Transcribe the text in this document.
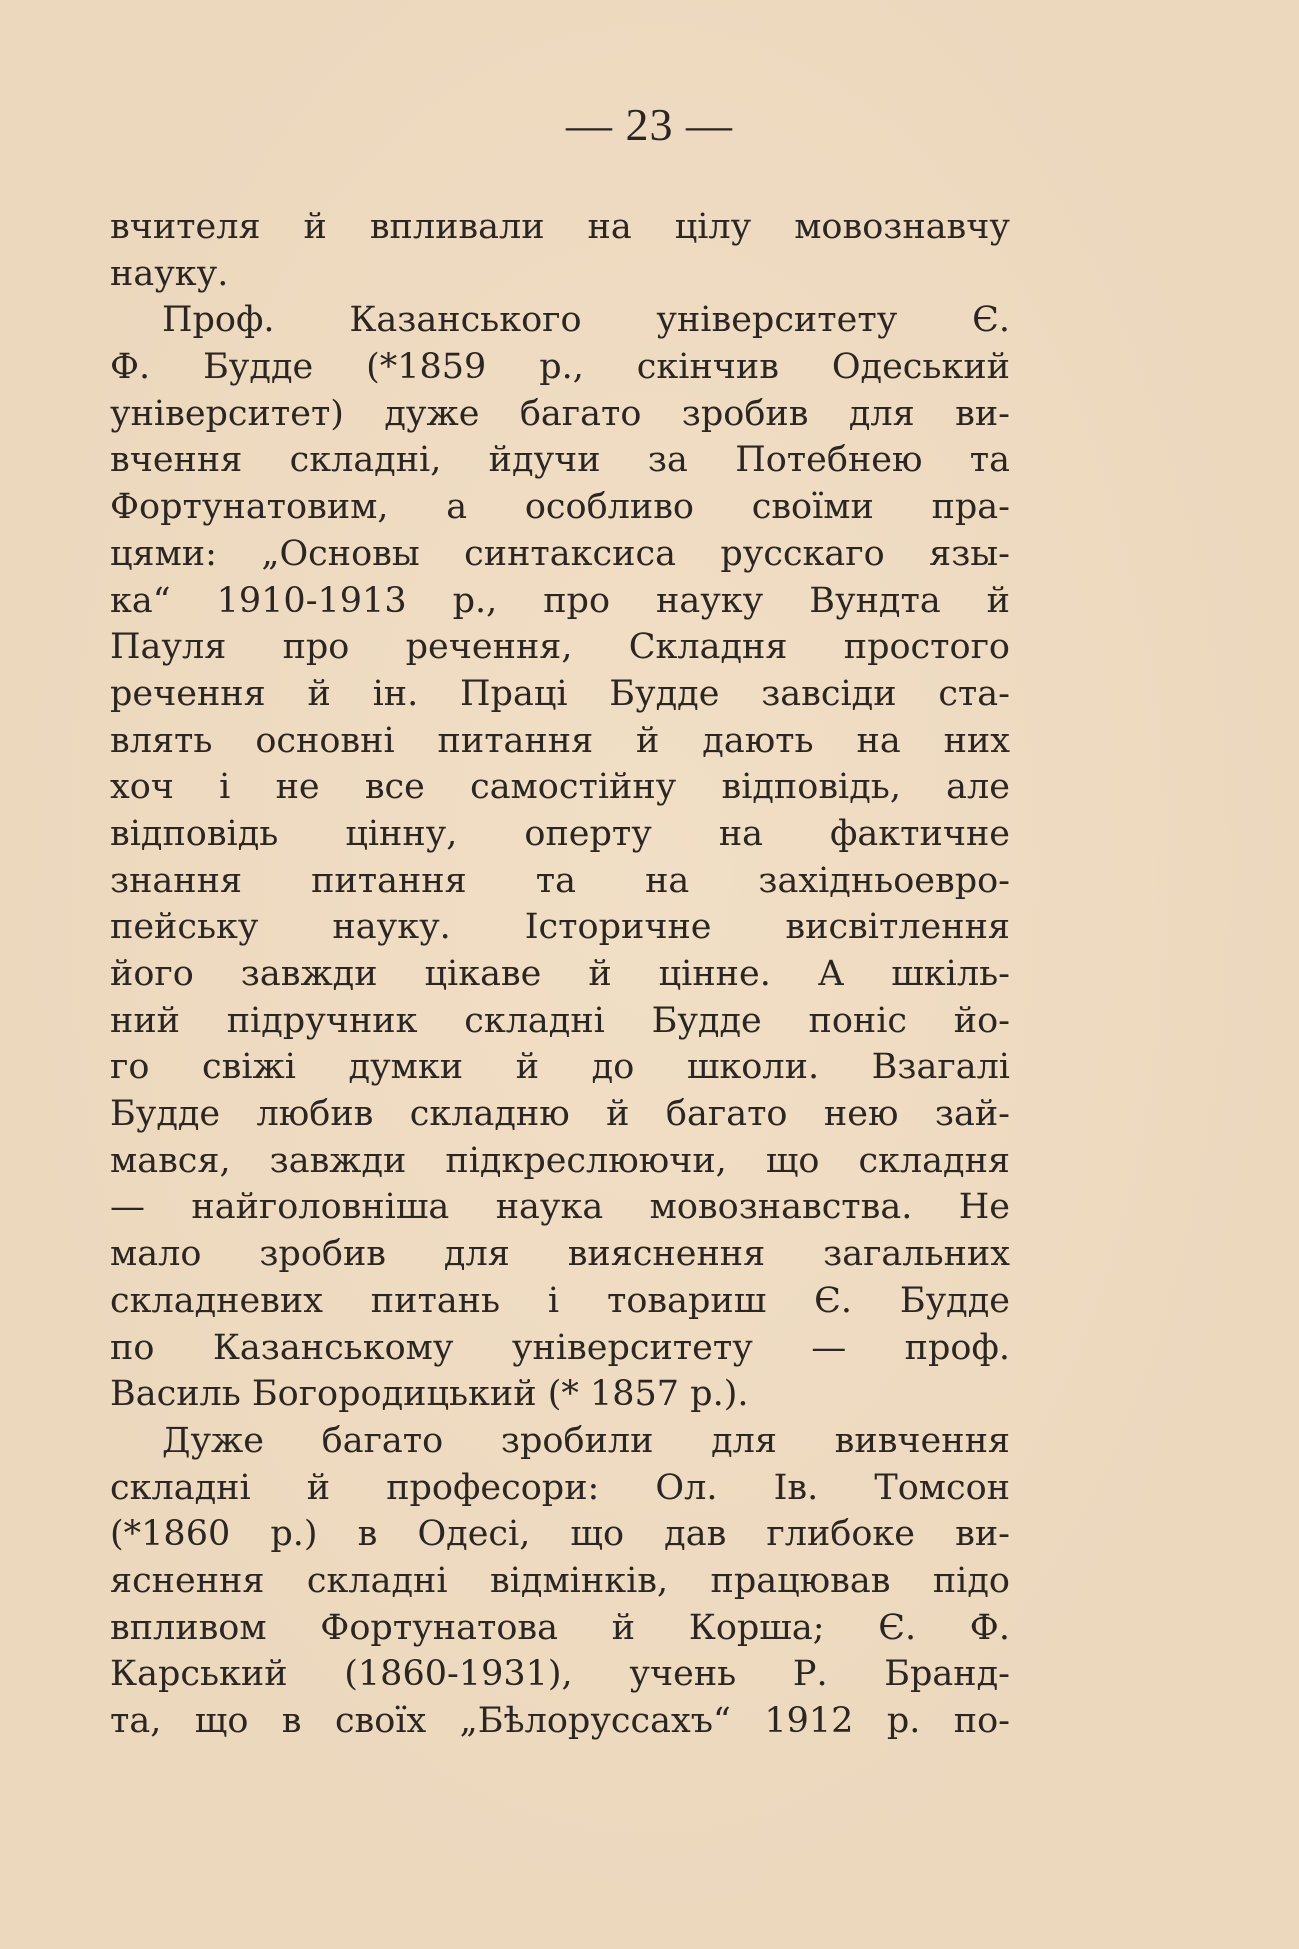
— 23 —
вчителя й впливали на цілу мовознавчу
науку.
Проф. Казанського університету Є.
Ф. Будде (*1859 р., скінчив Одеський
університет) дуже багато зробив для ви-
вчення складні, йдучи за Потебнею та
Фортунатовим, а особливо своїми пра-
цями: „Основы синтаксиса русскаго язы-
ка“ 1910-1913 р., про науку Вундта й
Пауля про речення, Складня простого
речення й ін. Праці Будде завсіди ста-
влять основні питання й дають на них
хоч і не все самостійну відповідь, але
відповідь цінну, оперту на фактичне
знання питання та на західньоевро-
пейську науку. Історичне висвітлення
його завжди цікаве й цінне. А шкіль-
ний підручник складні Будде поніс йо-
го свіжі думки й до школи. Взагалі
Будде любив складню й багато нею зай-
мався, завжди підкреслюючи, що складня
— найголовніша наука мовознавства. Не
мало зробив для вияснення загальних
складневих питань і товариш Є. Будде
по Казанському університету — проф.
Василь Богородицький (* 1857 р.).
Дуже багато зробили для вивчення
складні й професори: Ол. Ів. Томсон
(*1860 р.) в Одесі, що дав глибоке ви-
яснення складні відмінків, працював підо
впливом Фортунатова й Корша; Є. Ф.
Карський (1860-1931), учень Р. Бранд-
та, що в своїх „Бѣлоруссахъ“ 1912 р. по-
